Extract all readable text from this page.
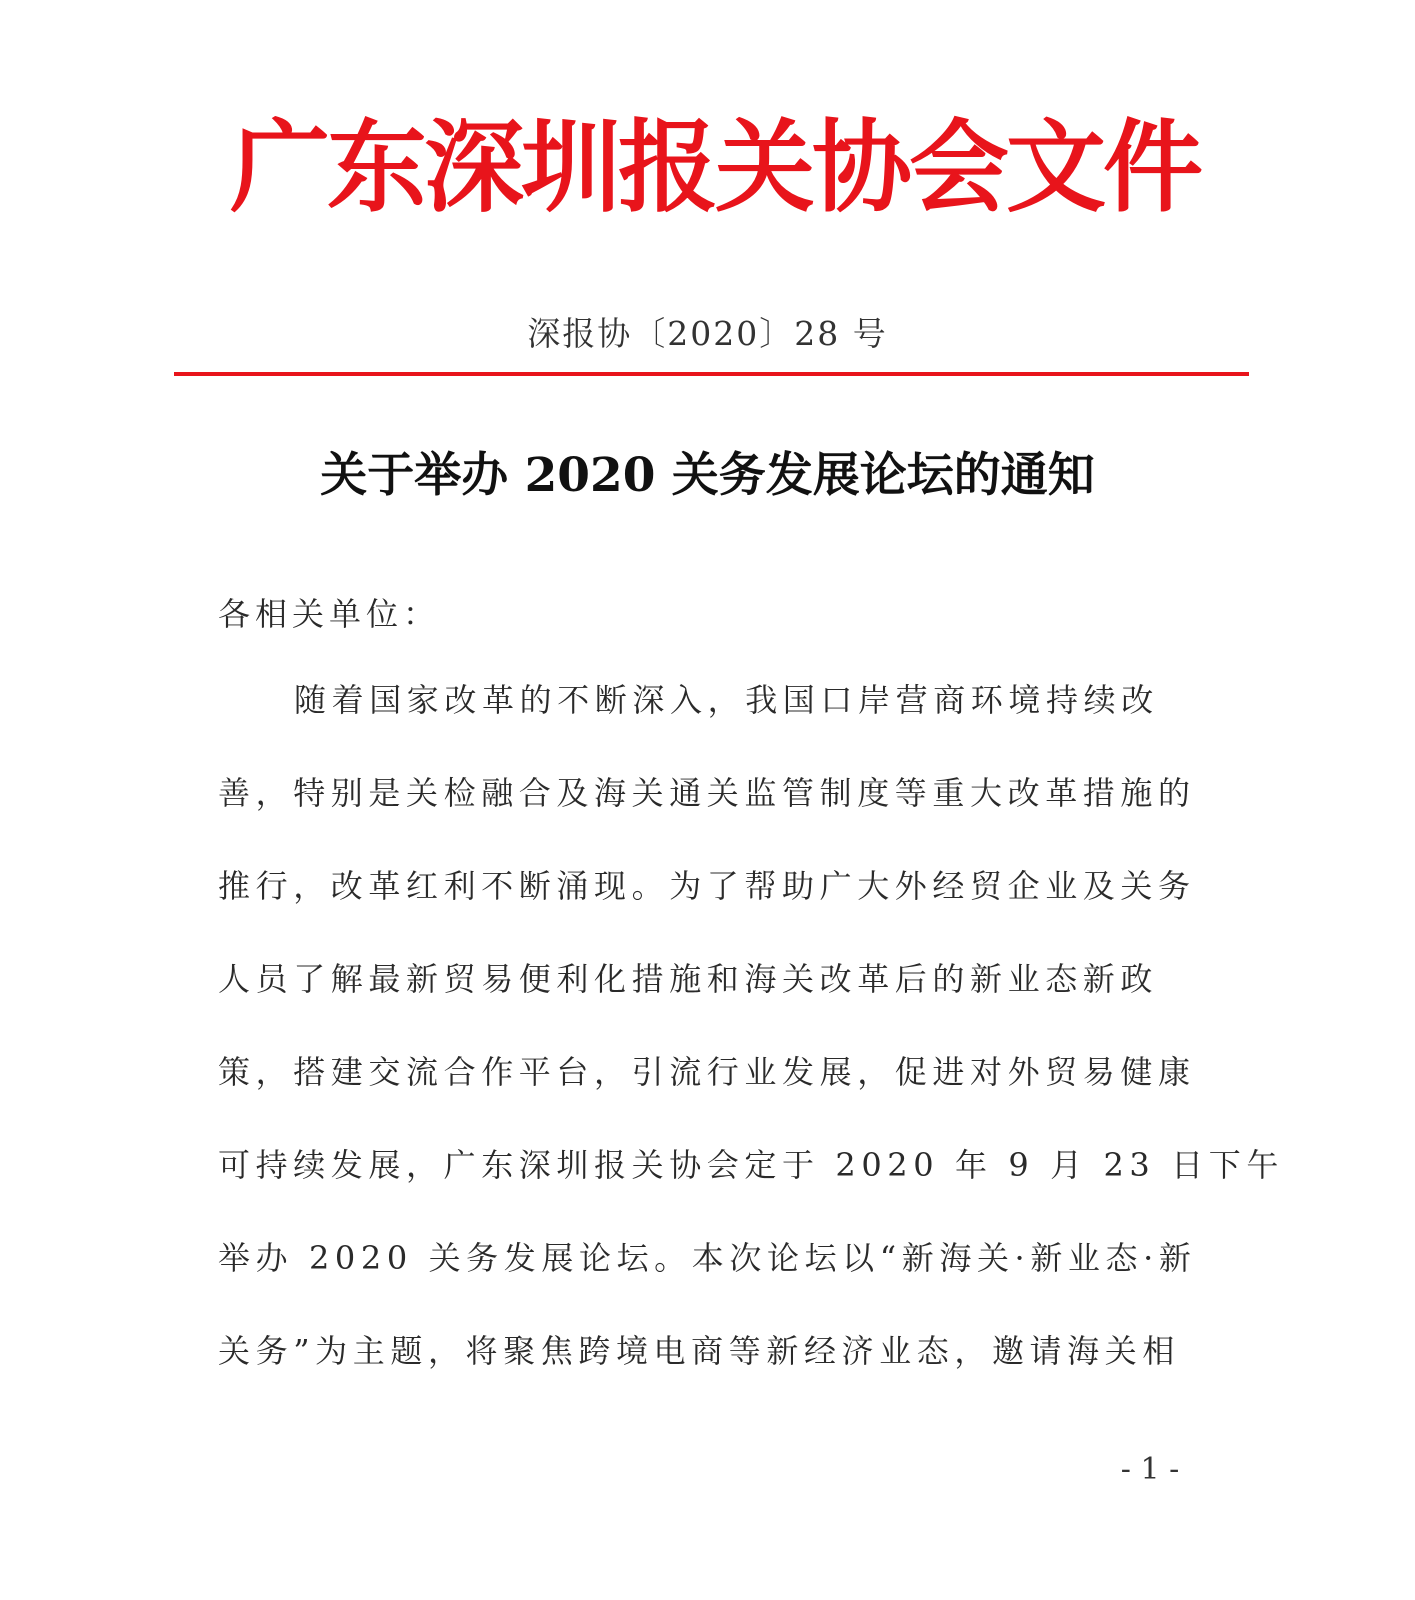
广东深圳报关协会文件
深报协〔2020〕28 号
关于举办 2020 关务发展论坛的通知
各相关单位：
随着国家改革的不断深入，我国口岸营商环境持续改
善，特别是关检融合及海关通关监管制度等重大改革措施的
推行，改革红利不断涌现。为了帮助广大外经贸企业及关务
人员了解最新贸易便利化措施和海关改革后的新业态新政
策，搭建交流合作平台，引流行业发展，促进对外贸易健康
可持续发展，广东深圳报关协会定于 2020 年 9 月 23 日下午
举办 2020 关务发展论坛。本次论坛以“新海关·新业态·新
关务”为主题，将聚焦跨境电商等新经济业态，邀请海关相
- 1 -
